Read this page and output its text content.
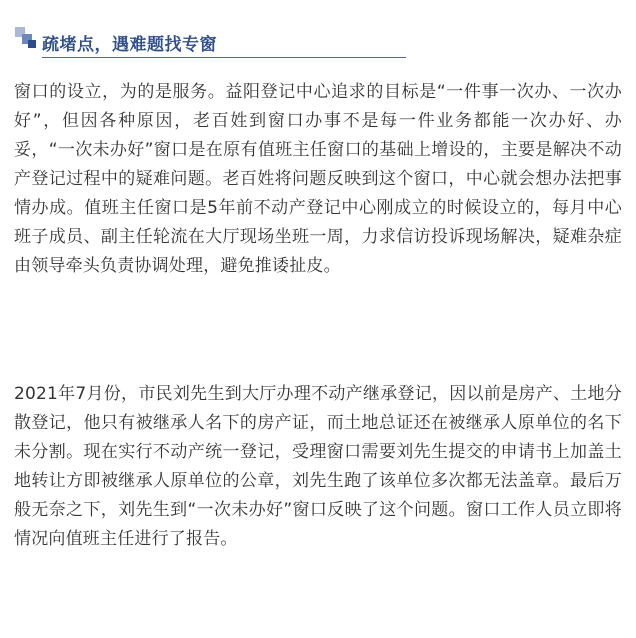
疏堵点，遇难题找专窗

窗口的设立，为的是服务。益阳登记中心追求的目标是“一件事一次办、一次办好”，但因各种原因，老百姓到窗口办事不是每一件业务都能一次办好、办妥，“一次未办好”窗口是在原有值班主任窗口的基础上增设的，主要是解决不动产登记过程中的疑难问题。老百姓将问题反映到这个窗口，中心就会想办法把事情办成。值班主任窗口是5年前不动产登记中心刚成立的时候设立的，每月中心班子成员、副主任轮流在大厅现场坐班一周，力求信访投诉现场解决，疑难杂症由领导牵头负责协调处理，避免推诿扯皮。

2021年7月份，市民刘先生到大厅办理不动产继承登记，因以前是房产、土地分散登记，他只有被继承人名下的房产证，而土地总证还在被继承人原单位的名下未分割。现在实行不动产统一登记，受理窗口需要刘先生提交的申请书上加盖土地转让方即被继承人原单位的公章，刘先生跑了该单位多次都无法盖章。最后万般无奈之下，刘先生到“一次未办好”窗口反映了这个问题。窗口工作人员立即将情况向值班主任进行了报告。
